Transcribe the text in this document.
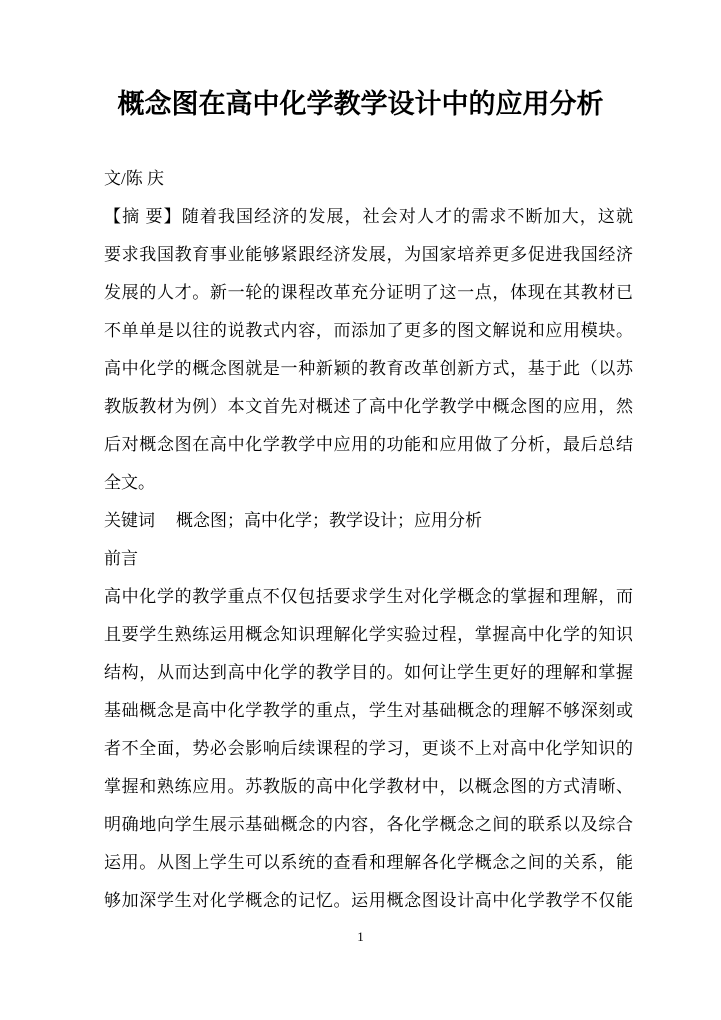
概念图在高中化学教学设计中的应用分析

文/陈 庆

【摘 要】随着我国经济的发展，社会对人才的需求不断加大，这就
要求我国教育事业能够紧跟经济发展，为国家培养更多促进我国经济
发展的人才。新一轮的课程改革充分证明了这一点，体现在其教材已
不单单是以往的说教式内容，而添加了更多的图文解说和应用模块。
高中化学的概念图就是一种新颖的教育改革创新方式，基于此（以苏
教版教材为例）本文首先对概述了高中化学教学中概念图的应用，然
后对概念图在高中化学教学中应用的功能和应用做了分析，最后总结
全文。
关键词 概念图；高中化学；教学设计；应用分析
前言
高中化学的教学重点不仅包括要求学生对化学概念的掌握和理解，而
且要学生熟练运用概念知识理解化学实验过程，掌握高中化学的知识
结构，从而达到高中化学的教学目的。如何让学生更好的理解和掌握
基础概念是高中化学教学的重点，学生对基础概念的理解不够深刻或
者不全面，势必会影响后续课程的学习，更谈不上对高中化学知识的
掌握和熟练应用。苏教版的高中化学教材中，以概念图的方式清晰、
明确地向学生展示基础概念的内容，各化学概念之间的联系以及综合
运用。从图上学生可以系统的查看和理解各化学概念之间的关系，能
够加深学生对化学概念的记忆。运用概念图设计高中化学教学不仅能
1
